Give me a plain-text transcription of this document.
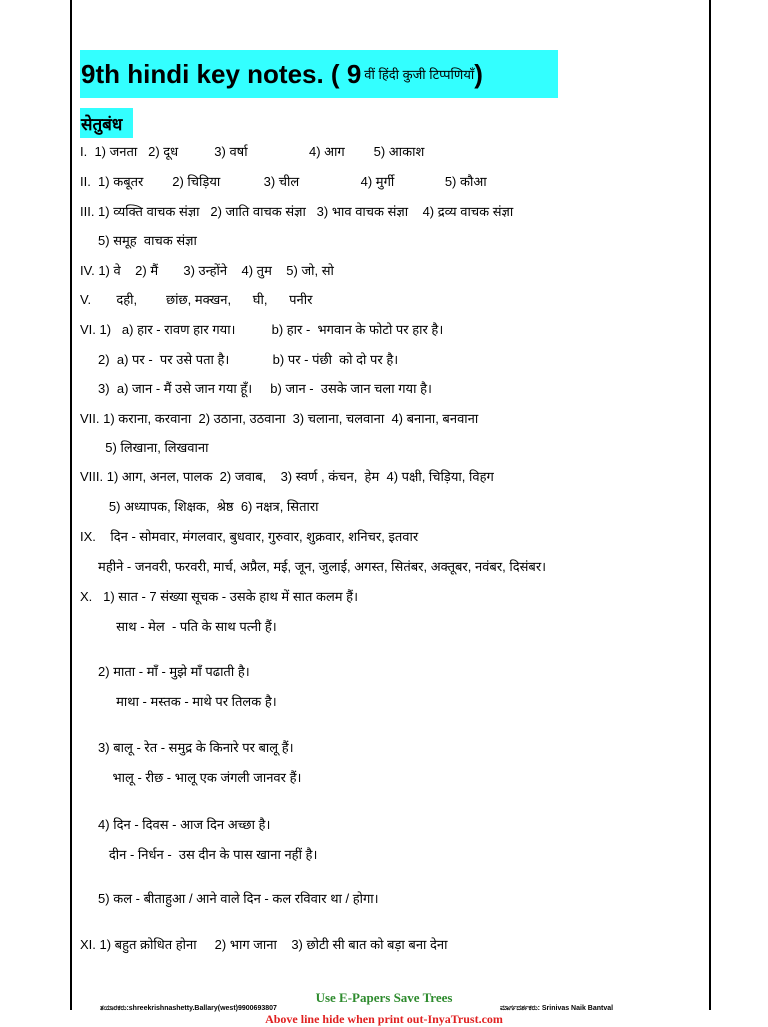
9th hindi key notes. ( 9 वीं हिंदी कुजी टिप्पणियाँ )
सेतुबंध
I.  1) जनता   2) दूध          3) वर्षा                 4) आग        5) आकाश
II.  1) कबूतर        2) चिड़िया            3) चील                 4) मुर्गी              5) कौआ
III. 1) व्यक्ति वाचक संज्ञा   2) जाति वाचक संज्ञा   3) भाव वाचक संज्ञा    4) द्रव्य वाचक संज्ञा
5) समूह  वाचक संज्ञा
IV. 1) वे    2) मैं       3) उन्होंने    4) तुम    5) जो, सो
V.       दही,        छांछ, मक्खन,      घी,      पनीर
VI. 1)   a) हार - रावण हार गया।          b) हार -  भगवान के फोटो पर हार है।
2)  a) पर -  पर उसे पता है।            b) पर - पंछी  को दो पर है।
3)  a) जान - मैं उसे जान गया हूँ।     b) जान -  उसके जान चला गया है।
VII. 1) कराना, करवाना  2) उठाना, उठवाना  3) चलाना, चलवाना  4) बनाना, बनवाना
5) लिखाना, लिखवाना
VIII. 1) आग, अनल, पालक  2) जवाब,    3) स्वर्ण , कंचन,  हेम  4) पक्षी, चिड़िया, विहग
5) अध्यापक, शिक्षक,  श्रेष्ठ  6) नक्षत्र, सितारा
IX.    दिन - सोमवार, मंगलवार, बुधवार, गुरुवार, शुक्रवार, शनिचर, इतवार
महीने - जनवरी, फरवरी, मार्च, अप्रैल, मई, जून, जुलाई, अगस्त, सितंबर, अक्तूबर, नवंबर, दिसंबर।
X.   1) सात - 7 संख्या सूचक - उसके हाथ में सात कलम हैं।
साथ - मेल  - पति के साथ पत्नी हैं।
2) माता - माँ - मुझे माँ पढाती है।
माथा - मस्तक - माथे पर तिलक है।
3) बालू - रेत - समुद्र के किनारे पर बालू हैं।
भालू - रीछ - भालू एक जंगली जानवर हैं।
4) दिन - दिवस - आज दिन अच्छा है।
दीन - निर्धन -  उस दीन के पास खाना नहीं है।
5) कल - बीताहुआ / आने वाले दिन - कल रविवार था / होगा।
XI. 1) बहुत क्रोधित होना     2) भाग जाना    3) छोटी सी बात को बड़ा बना देना
Use E-Papers Save Trees
ತಯಾರಕರು:shreekrishnashetty.Ballary(west)9900693807	ಮಾರ್ಗದರ್ಶಕರು: Srinivas Naik Bantval
Above line hide when print out-InyaTrust.com
